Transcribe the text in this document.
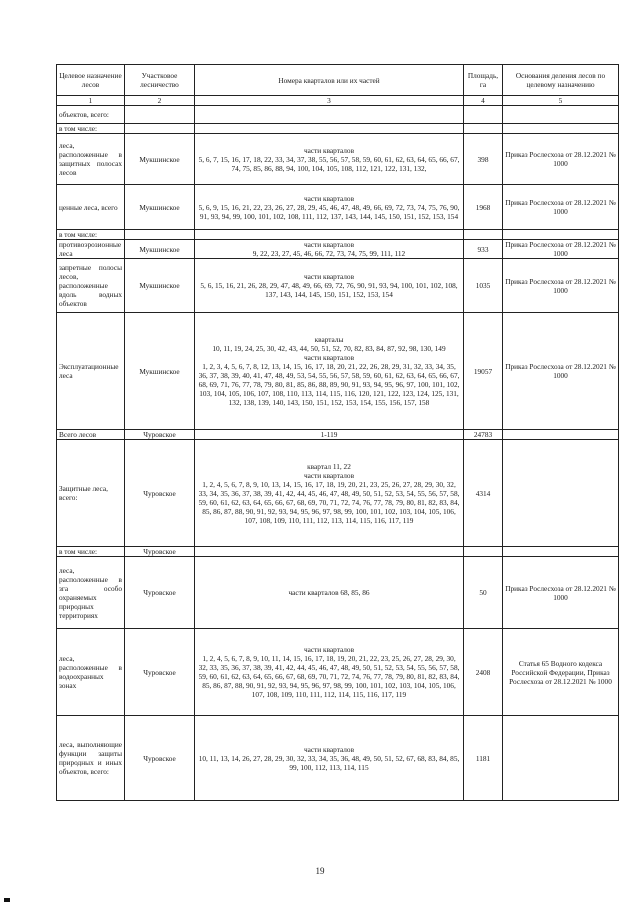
Целевое назначение лесов	Участковое лесничество	Номера кварталов или их частей	Площадь, га	Основания деления лесов по целевому назначению
1	2	3	4	5
объектов, всего:				
в том числе:				
леса, расположенные в защитных полосах лесов	Мукшинское	части кварталов
5, 6, 7, 15, 16, 17, 18, 22, 33, 34, 37, 38, 55, 56, 57, 58, 59, 60, 61, 62, 63, 64, 65, 66, 67, 74, 75, 85, 86, 88, 94, 100, 104, 105, 108, 112, 121, 122, 131, 132,	398	Приказ Рослесхоза от 28.12.2021 № 1000
ценные леса, всего	Мукшинское	части кварталов
5, 6, 9, 15, 16, 21, 22, 23, 26, 27, 28, 29, 45, 46, 47, 48, 49, 66, 69, 72, 73, 74, 75, 76, 90, 91, 93, 94, 99, 100, 101, 102, 108, 111, 112, 137, 143, 144, 145, 150, 151, 152, 153, 154	1968	Приказ Рослесхоза от 28.12.2021 № 1000
в том числе:				
противоэрозионные леса	Мукшинское	части кварталов
9, 22, 23, 27, 45, 46, 66, 72, 73, 74, 75, 99, 111, 112	933	Приказ Рослесхоза от 28.12.2021 № 1000
запретные полосы лесов, расположенные вдоль водных объектов	Мукшинское	части кварталов
5, 6, 15, 16, 21, 26, 28, 29, 47, 48, 49, 66, 69, 72, 76, 90, 91, 93, 94, 100, 101, 102, 108, 137, 143, 144, 145, 150, 151, 152, 153, 154	1035	Приказ Рослесхоза от 28.12.2021 № 1000
Эксплуатационные леса	Мукшинское	кварталы
10, 11, 19, 24, 25, 30, 42, 43, 44, 50, 51, 52, 70, 82, 83, 84, 87, 92, 98, 130, 149
части кварталов
1, 2, 3, 4, 5, 6, 7, 8, 12, 13, 14, 15, 16, 17, 18, 20, 21, 22, 26, 28, 29, 31, 32, 33, 34, 35, 36, 37, 38, 39, 40, 41, 47, 48, 49, 53, 54, 55, 56, 57, 58, 59, 60, 61, 62, 63, 64, 65, 66, 67, 68, 69, 71, 76, 77, 78, 79, 80, 81, 85, 86, 88, 89, 90, 91, 93, 94, 95, 96, 97, 100, 101, 102, 103, 104, 105, 106, 107, 108, 110, 113, 114, 115, 116, 120, 121, 122, 123, 124, 125, 131, 132, 138, 139, 140, 143, 150, 151, 152, 153, 154, 155, 156, 157, 158	19057	Приказ Рослесхоза от 28.12.2021 № 1000
Всего лесов	Чуровское	1-119	24783	
Защитные леса, всего:	Чуровское	квартал 11, 22
части кварталов
1, 2, 4, 5, 6, 7, 8, 9, 10, 13, 14, 15, 16, 17, 18, 19, 20, 21, 23, 25, 26, 27, 28, 29, 30, 32, 33, 34, 35, 36, 37, 38, 39, 41, 42, 44, 45, 46, 47, 48, 49, 50, 51, 52, 53, 54, 55, 56, 57, 58, 59, 60, 61, 62, 63, 64, 65, 66, 67, 68, 69, 70, 71, 72, 74, 76, 77, 78, 79, 80, 81, 82, 83, 84, 85, 86, 87, 88, 90, 91, 92, 93, 94, 95, 96, 97, 98, 99, 100, 101, 102, 103, 104, 105, 106, 107, 108, 109, 110, 111, 112, 113, 114, 115, 116, 117, 119	4314	
в том числе:	Чуровское			
леса, расположенные в зга особо охраняемых природных территориях	Чуровское	части кварталов 68, 85, 86	50	Приказ Рослесхоза от 28.12.2021 № 1000
леса, расположенные в водоохранных зонах	Чуровское	части кварталов
1, 2, 4, 5, 6, 7, 8, 9, 10, 11, 14, 15, 16, 17, 18, 19, 20, 21, 22, 23, 25, 26, 27, 28, 29, 30, 32, 33, 35, 36, 37, 38, 39, 41, 42, 44, 45, 46, 47, 48, 49, 50, 51, 52, 53, 54, 55, 56, 57, 58, 59, 60, 61, 62, 63, 64, 65, 66, 67, 68, 69, 70, 71, 72, 74, 76, 77, 78, 79, 80, 81, 82, 83, 84, 85, 86, 87, 88, 90, 91, 92, 93, 94, 95, 96, 97, 98, 99, 100, 101, 102, 103, 104, 105, 106, 107, 108, 109, 110, 111, 112, 114, 115, 116, 117, 119	2408	Статья 65 Водного кодекса Российской Федерации, Приказ Рослесхоза от 28.12.2021 № 1000
леса, выполняющие функции защиты природных и иных объектов, всего:	Чуровское	части кварталов
10, 11, 13, 14, 26, 27, 28, 29, 30, 32, 33, 34, 35, 36, 48, 49, 50, 51, 52, 67, 68, 83, 84, 85, 99, 100, 112, 113, 114, 115	1181	
19
